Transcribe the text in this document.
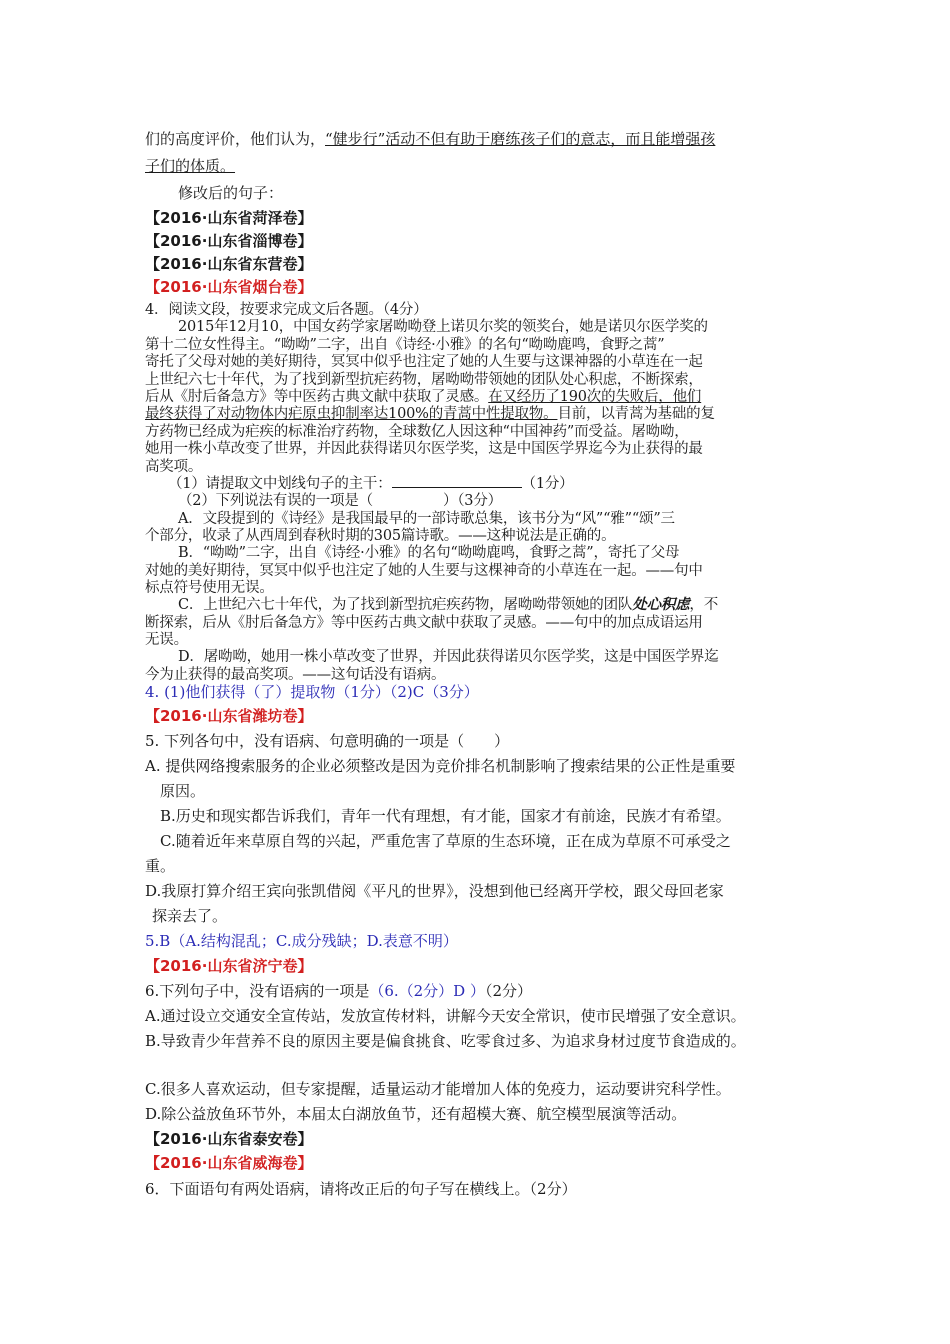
们的高度评价，他们认为，“健步行”活动不但有助于磨练孩子们的意志，而且能增强孩
子们的体质。
修改后的句子：
【2016·山东省菏泽卷】
【2016·山东省淄博卷】
【2016·山东省东营卷】
【2016·山东省烟台卷】
4．阅读文段，按要求完成文后各题。（4分）
2015年12月10，中国女药学家屠呦呦登上诺贝尔奖的领奖台，她是诺贝尔医学奖的
第十二位女性得主。“呦呦”二字，出自《诗经·小雅》的名句“呦呦鹿鸣，食野之蒿”
寄托了父母对她的美好期待，冥冥中似乎也注定了她的人生要与这课神器的小草连在一起
上世纪六七十年代，为了找到新型抗疟药物，屠呦呦带领她的团队处心积虑，不断探索，
后从《肘后备急方》等中医药古典文献中获取了灵感。在又经历了190次的失败后，他们
最终获得了对动物体内疟原虫抑制率达100%的青蒿中性提取物。目前，以青蒿为基础的复
方药物已经成为疟疾的标准治疗药物，全球数亿人因这种“中国神药”而受益。屠呦呦，
她用一株小草改变了世界，并因此获得诺贝尔医学奖，这是中国医学界迄今为止获得的最
高奖项。
（1）请提取文中划线句子的主干：	（1分）
（2）下列说法有误的一项是（	）（3分）
A．文段提到的《诗经》是我国最早的一部诗歌总集，该书分为“风”“雅”“颂”三
个部分，收录了从西周到春秋时期的305篇诗歌。——这种说法是正确的。
B．“呦呦”二字，出自《诗经·小雅》的名句“呦呦鹿鸣，食野之蒿”，寄托了父母
对她的美好期待，冥冥中似乎也注定了她的人生要与这棵神奇的小草连在一起。——句中
标点符号使用无误。
C．上世纪六七十年代，为了找到新型抗疟疾药物，屠呦呦带领她的团队处心积虑，不
断探索，后从《肘后备急方》等中医药古典文献中获取了灵感。——句中的加点成语运用
无误。
D．屠呦呦，她用一株小草改变了世界，并因此获得诺贝尔医学奖，这是中国医学界迄
今为止获得的最高奖项。——这句话没有语病。
4. (1)他们获得（了）提取物（1分）（2)C（3分）
【2016·山东省潍坊卷】
5. 下列各句中，没有语病、句意明确的一项是（　　）
A. 提供网络搜索服务的企业必须整改是因为竞价排名机制影响了搜索结果的公正性是重要
原因。
B.历史和现实都告诉我们，青年一代有理想，有才能，国家才有前途，民族才有希望。
C.随着近年来草原自驾的兴起，严重危害了草原的生态环境，正在成为草原不可承受之
重。
D.我原打算介绍王宾向张凯借阅《平凡的世界》，没想到他已经离开学校，跟父母回老家
探亲去了。
5.B（A.结构混乱；C.成分残缺；D.表意不明）
【2016·山东省济宁卷】
6.下列句子中，没有语病的一项是（6.（2分）D ）（2分）
A.通过设立交通安全宣传站，发放宣传材料，讲解今天安全常识，使市民增强了安全意识。
B.导致青少年营养不良的原因主要是偏食挑食、吃零食过多、为追求身材过度节食造成的。
C.很多人喜欢运动，但专家提醒，适量运动才能增加人体的免疫力，运动要讲究科学性。
D.除公益放鱼环节外，本届太白湖放鱼节，还有超模大赛、航空模型展演等活动。
【2016·山东省泰安卷】
【2016·山东省威海卷】
6．下面语句有两处语病，请将改正后的句子写在横线上。（2分）
